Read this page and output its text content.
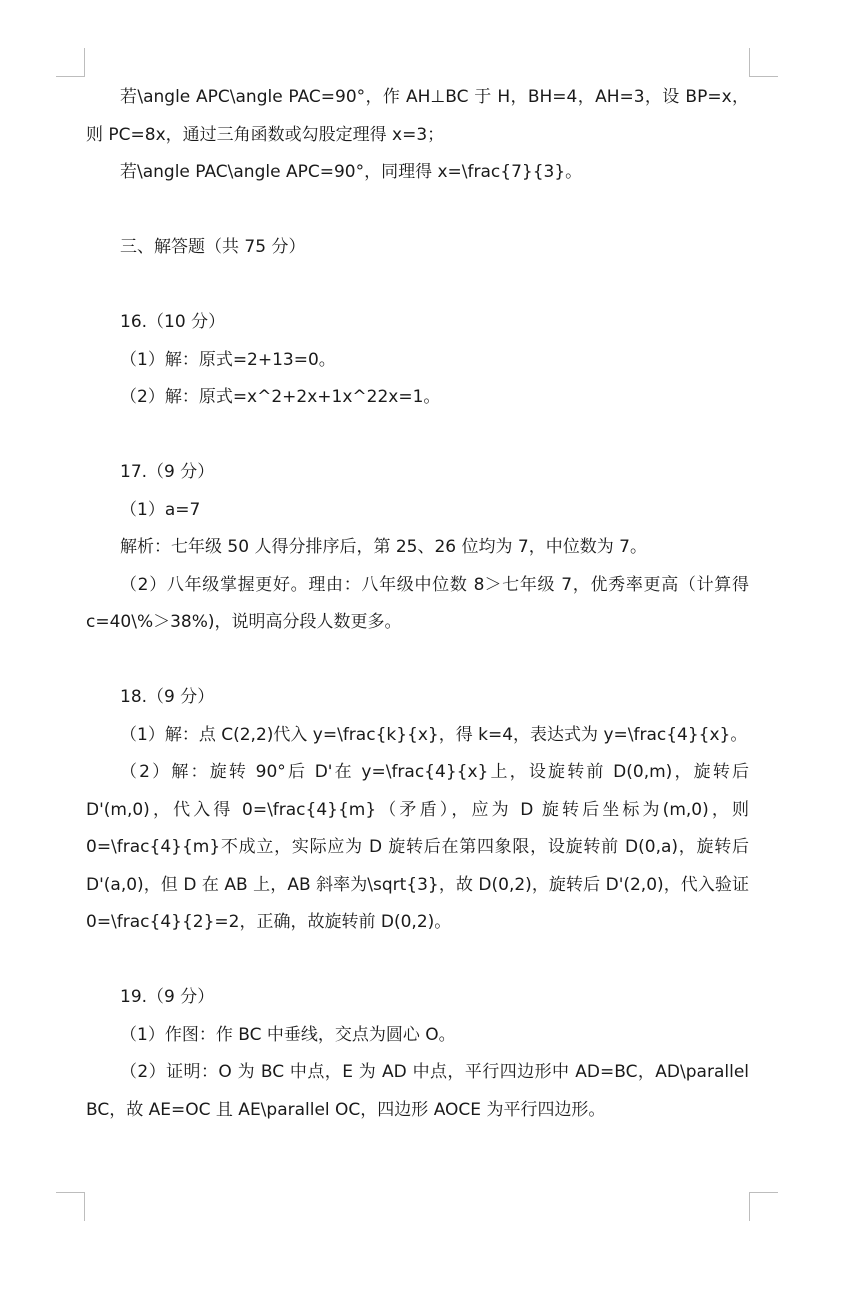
若\angle APC\angle PAC=90°，作 AH⊥BC 于 H，BH=4，AH=3，设 BP=x，则 PC=8x，通过三角函数或勾股定理得 x=3；

若\angle PAC\angle APC=90°，同理得 x=\frac{7}{3}。

三、解答题（共 75 分）

16.（10 分）

（1）解：原式=2+13=0。

（2）解：原式=x^2+2x+1x^22x=1。

17.（9 分）

（1）a=7

解析：七年级 50 人得分排序后，第 25、26 位均为 7，中位数为 7。

（2）八年级掌握更好。理由：八年级中位数 8＞七年级 7，优秀率更高（计算得 c=40\%＞38%)，说明高分段人数更多。

18.（9 分）

（1）解：点 C(2,2)代入 y=\frac{k}{x}，得 k=4，表达式为 y=\frac{4}{x}。

（2）解：旋转 90°后 D'在 y=\frac{4}{x}上，设旋转前 D(0,m)，旋转后 D'(m,0)，代入得 0=\frac{4}{m}（矛盾），应为 D 旋转后坐标为(m,0)，则 0=\frac{4}{m}不成立，实际应为 D 旋转后在第四象限，设旋转前 D(0,a)，旋转后 D'(a,0)，但 D 在 AB 上，AB 斜率为\sqrt{3}，故 D(0,2)，旋转后 D'(2,0)，代入验证 0=\frac{4}{2}=2，正确，故旋转前 D(0,2)。

19.（9 分）

（1）作图：作 BC 中垂线，交点为圆心 O。

（2）证明：O 为 BC 中点，E 为 AD 中点，平行四边形中 AD=BC，AD\parallel BC，故 AE=OC 且 AE\parallel OC，四边形 AOCE 为平行四边形。
